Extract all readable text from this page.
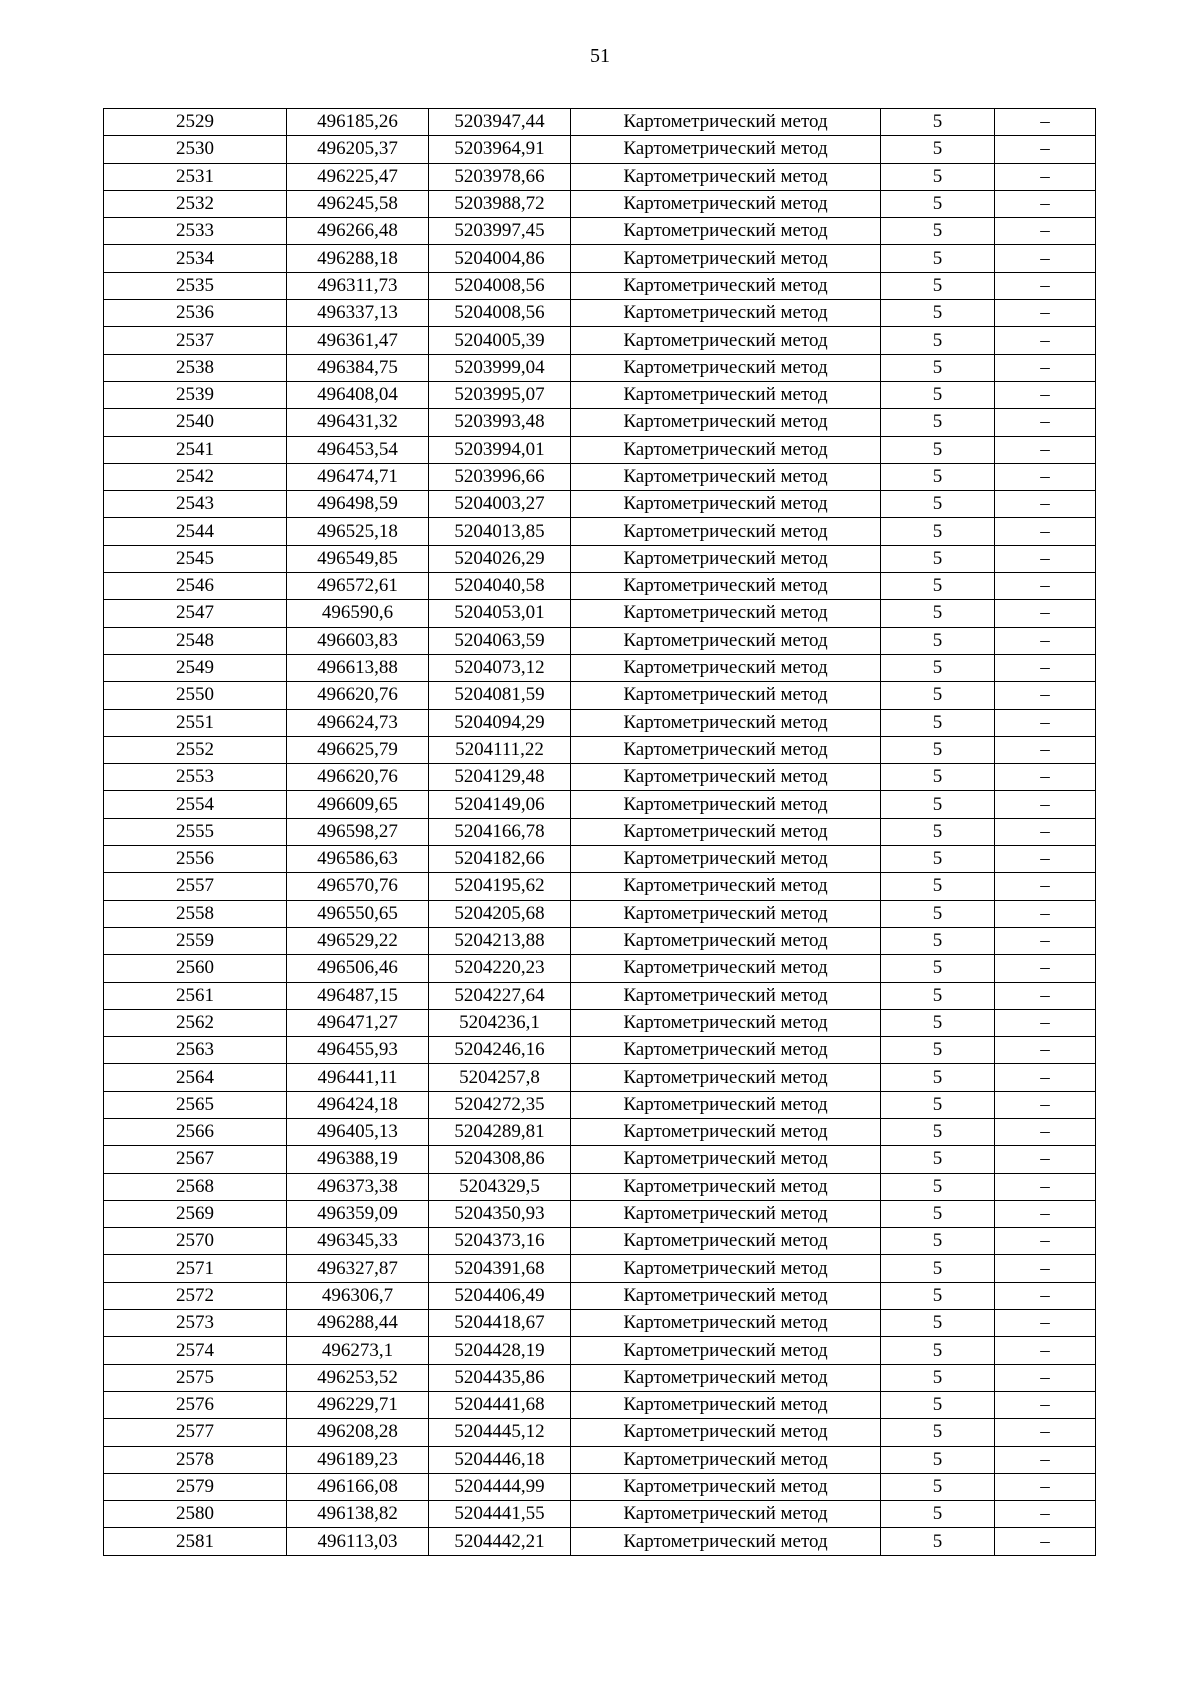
51
2529	496185,26	5203947,44	Картометрический метод	5	–
2530	496205,37	5203964,91	Картометрический метод	5	–
2531	496225,47	5203978,66	Картометрический метод	5	–
2532	496245,58	5203988,72	Картометрический метод	5	–
2533	496266,48	5203997,45	Картометрический метод	5	–
2534	496288,18	5204004,86	Картометрический метод	5	–
2535	496311,73	5204008,56	Картометрический метод	5	–
2536	496337,13	5204008,56	Картометрический метод	5	–
2537	496361,47	5204005,39	Картометрический метод	5	–
2538	496384,75	5203999,04	Картометрический метод	5	–
2539	496408,04	5203995,07	Картометрический метод	5	–
2540	496431,32	5203993,48	Картометрический метод	5	–
2541	496453,54	5203994,01	Картометрический метод	5	–
2542	496474,71	5203996,66	Картометрический метод	5	–
2543	496498,59	5204003,27	Картометрический метод	5	–
2544	496525,18	5204013,85	Картометрический метод	5	–
2545	496549,85	5204026,29	Картометрический метод	5	–
2546	496572,61	5204040,58	Картометрический метод	5	–
2547	496590,6	5204053,01	Картометрический метод	5	–
2548	496603,83	5204063,59	Картометрический метод	5	–
2549	496613,88	5204073,12	Картометрический метод	5	–
2550	496620,76	5204081,59	Картометрический метод	5	–
2551	496624,73	5204094,29	Картометрический метод	5	–
2552	496625,79	5204111,22	Картометрический метод	5	–
2553	496620,76	5204129,48	Картометрический метод	5	–
2554	496609,65	5204149,06	Картометрический метод	5	–
2555	496598,27	5204166,78	Картометрический метод	5	–
2556	496586,63	5204182,66	Картометрический метод	5	–
2557	496570,76	5204195,62	Картометрический метод	5	–
2558	496550,65	5204205,68	Картометрический метод	5	–
2559	496529,22	5204213,88	Картометрический метод	5	–
2560	496506,46	5204220,23	Картометрический метод	5	–
2561	496487,15	5204227,64	Картометрический метод	5	–
2562	496471,27	5204236,1	Картометрический метод	5	–
2563	496455,93	5204246,16	Картометрический метод	5	–
2564	496441,11	5204257,8	Картометрический метод	5	–
2565	496424,18	5204272,35	Картометрический метод	5	–
2566	496405,13	5204289,81	Картометрический метод	5	–
2567	496388,19	5204308,86	Картометрический метод	5	–
2568	496373,38	5204329,5	Картометрический метод	5	–
2569	496359,09	5204350,93	Картометрический метод	5	–
2570	496345,33	5204373,16	Картометрический метод	5	–
2571	496327,87	5204391,68	Картометрический метод	5	–
2572	496306,7	5204406,49	Картометрический метод	5	–
2573	496288,44	5204418,67	Картометрический метод	5	–
2574	496273,1	5204428,19	Картометрический метод	5	–
2575	496253,52	5204435,86	Картометрический метод	5	–
2576	496229,71	5204441,68	Картометрический метод	5	–
2577	496208,28	5204445,12	Картометрический метод	5	–
2578	496189,23	5204446,18	Картометрический метод	5	–
2579	496166,08	5204444,99	Картометрический метод	5	–
2580	496138,82	5204441,55	Картометрический метод	5	–
2581	496113,03	5204442,21	Картометрический метод	5	–
